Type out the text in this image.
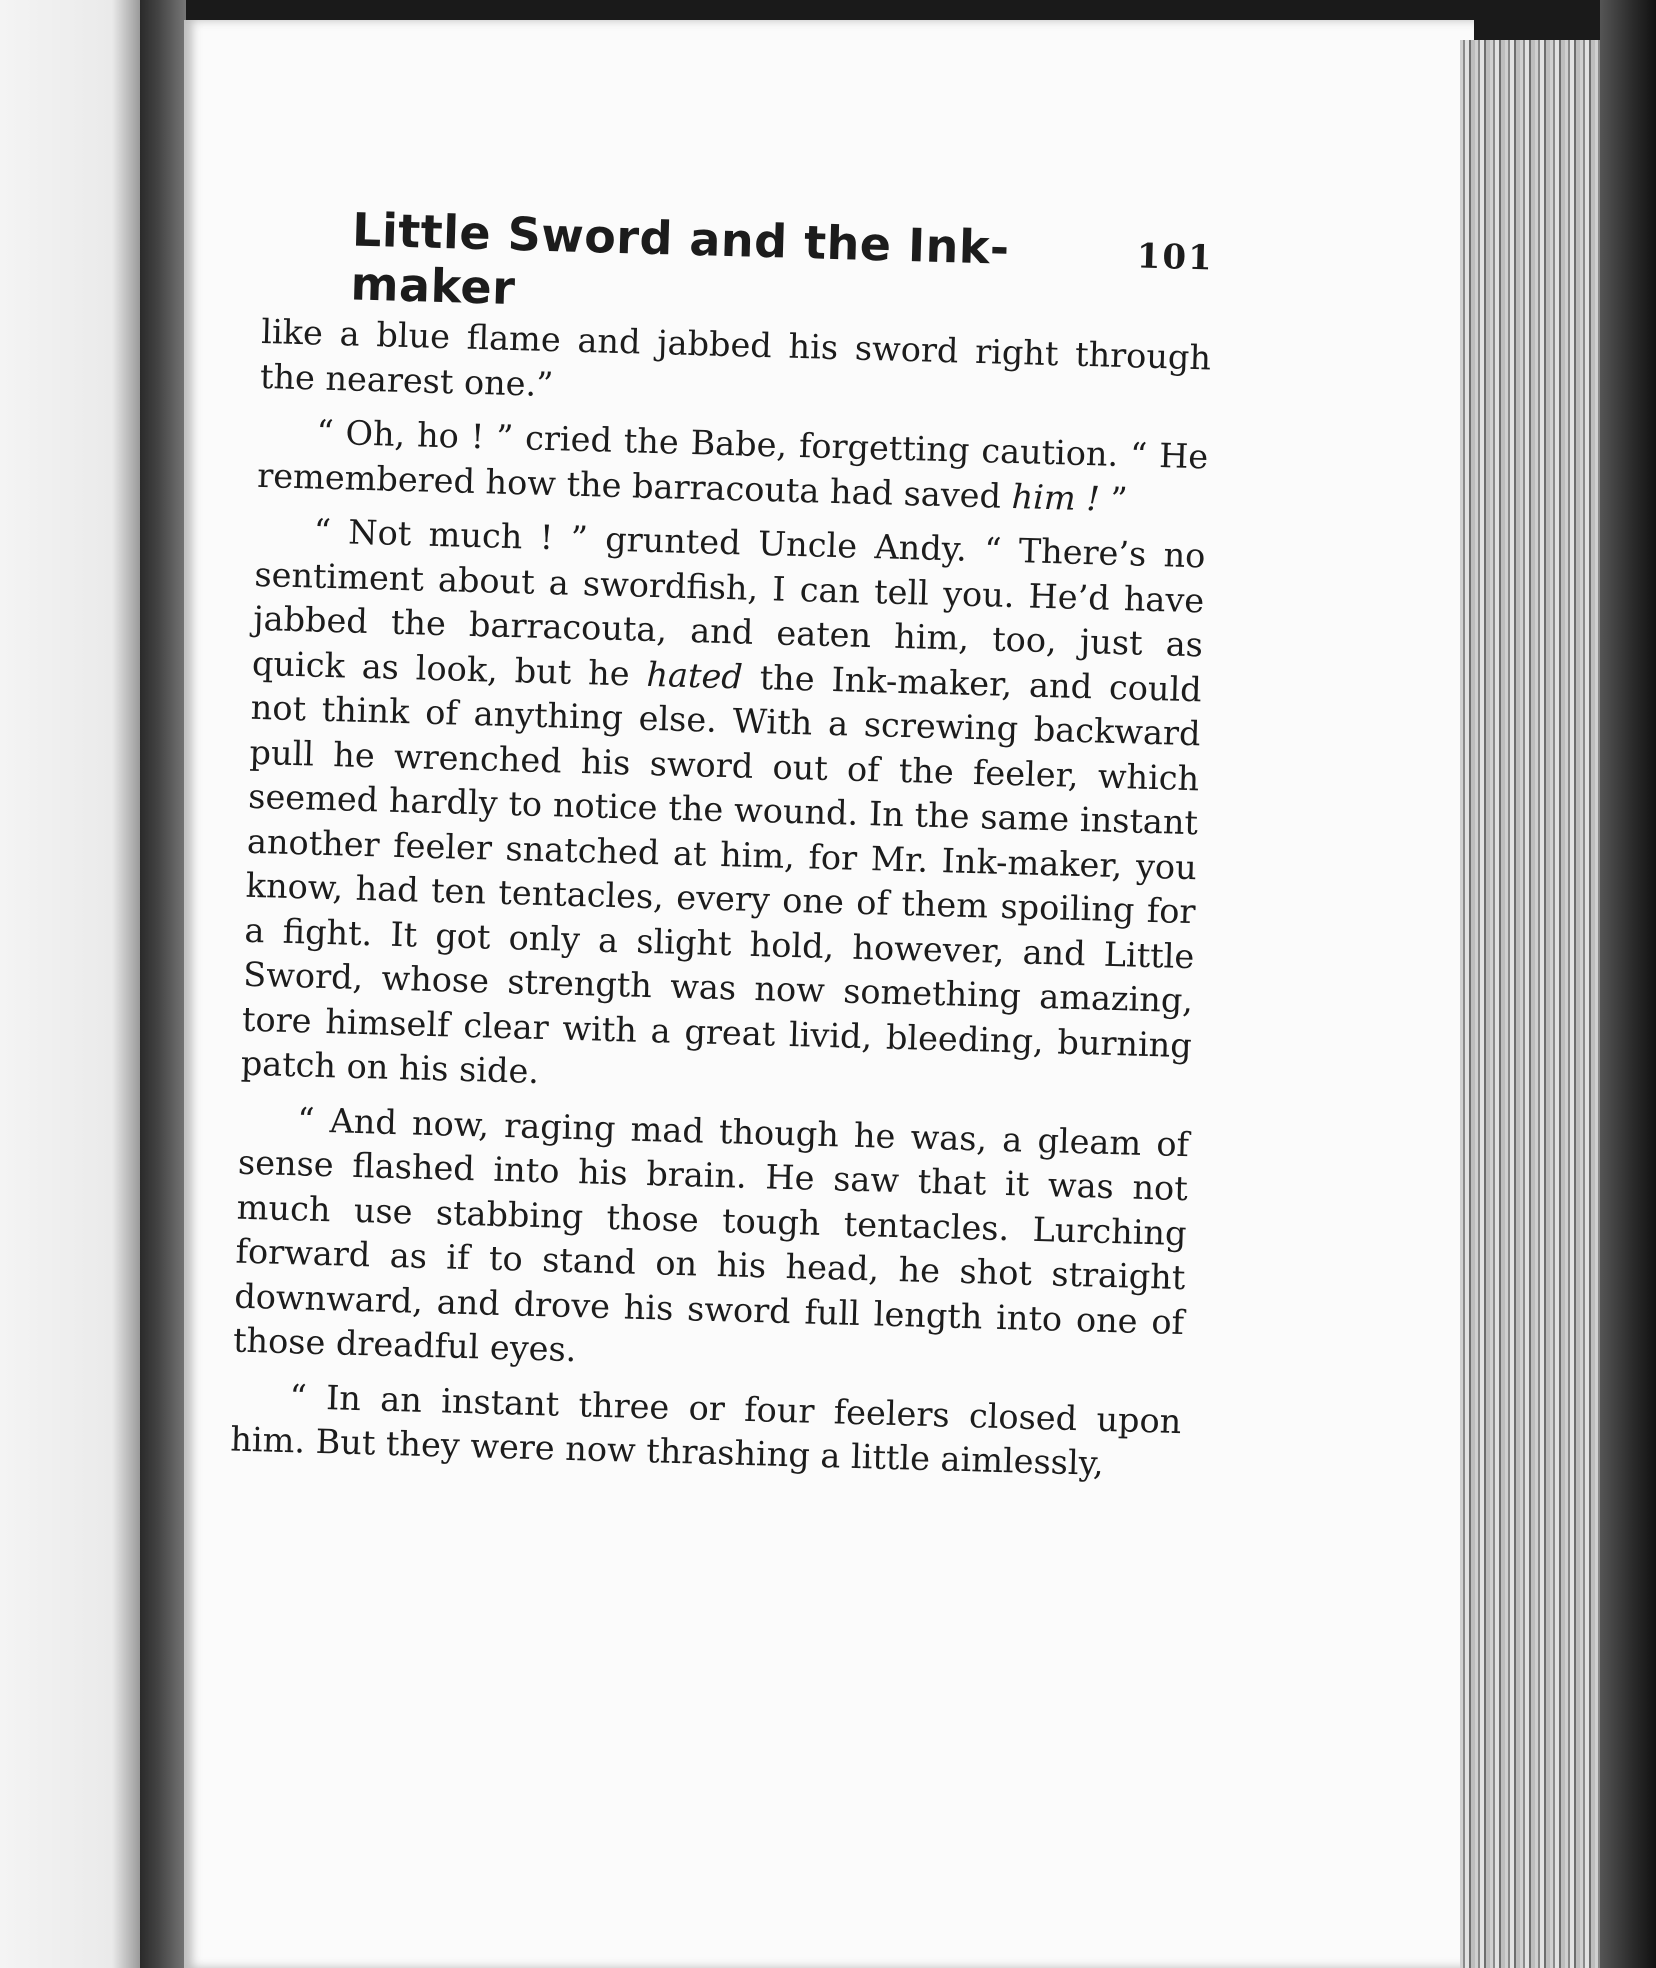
Little Sword and the Ink-maker	101

like a blue flame and jabbed his sword right through the nearest one.”

“ Oh, ho ! ” cried the Babe, forgetting caution. “ He remembered how the barracouta had saved him ! ”

“ Not much ! ” grunted Uncle Andy. “ There’s no sentiment about a swordfish, I can tell you. He’d have jabbed the barracouta, and eaten him, too, just as quick as look, but he hated the Ink-maker, and could not think of anything else. With a screwing backward pull he wrenched his sword out of the feeler, which seemed hardly to notice the wound. In the same instant another feeler snatched at him, for Mr. Ink-maker, you know, had ten tentacles, every one of them spoiling for a fight. It got only a slight hold, however, and Little Sword, whose strength was now something amazing, tore himself clear with a great livid, bleeding, burning patch on his side.

“ And now, raging mad though he was, a gleam of sense flashed into his brain. He saw that it was not much use stabbing those tough tentacles. Lurching forward as if to stand on his head, he shot straight downward, and drove his sword full length into one of those dreadful eyes.

“ In an instant three or four feelers closed upon him. But they were now thrashing a little aimlessly,
